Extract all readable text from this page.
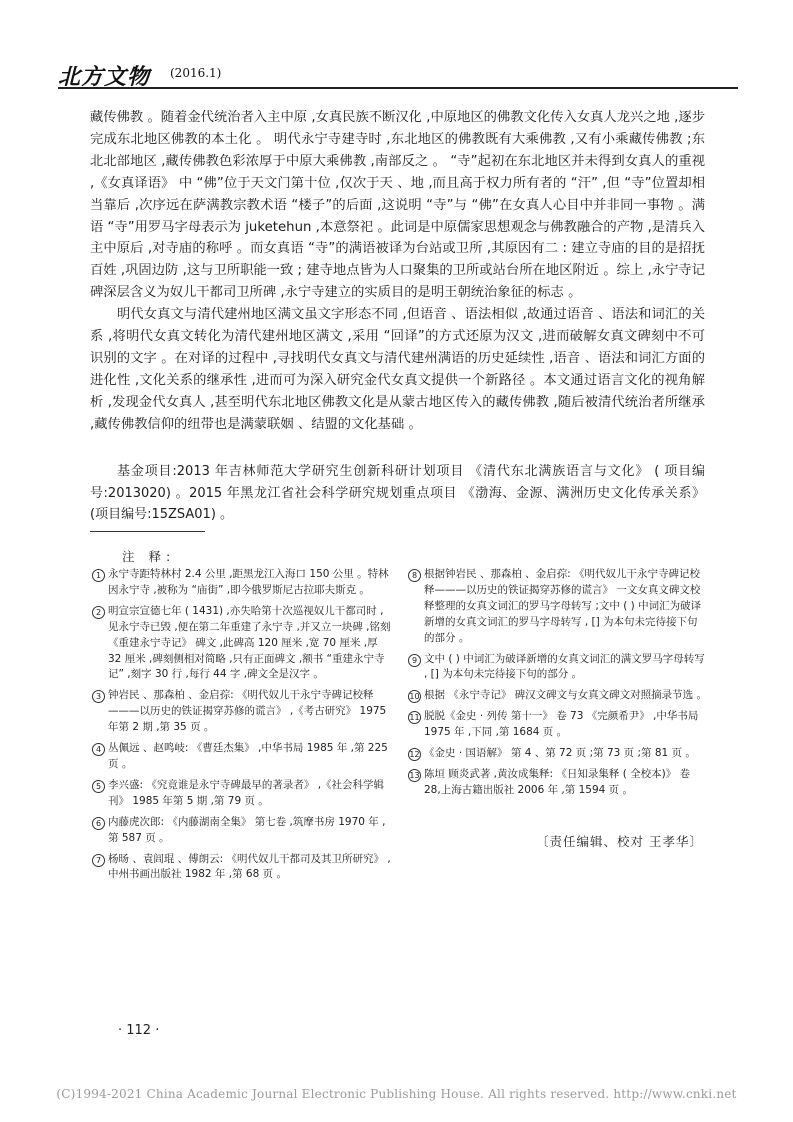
北方文物 (2016.1)

藏传佛教 。随着金代统治者入主中原 ,女真民族不断汉化 ,中原地区的佛教文化传入女真人龙兴之地 ,逐步完成东北地区佛教的本土化 。 明代永宁寺建寺时 ,东北地区的佛教既有大乘佛教 ,又有小乘藏传佛教 ;东北北部地区 ,藏传佛教色彩浓厚于中原大乘佛教 ,南部反之 。 “寺”起初在东北地区并未得到女真人的重视 ,《女真译语》 中 “佛”位于天文门第十位 ,仅次于天 、地 ,而且高于权力所有者的 “汗” ,但 “寺”位置却相当靠后 ,次序远在萨满教宗教术语 “楼子”的后面 ,这说明 “寺”与 “佛”在女真人心目中并非同一事物 。满语 “寺”用罗马字母表示为 juketehun ,本意祭祀 。此词是中原儒家思想观念与佛教融合的产物 ,是清兵入主中原后 ,对寺庙的称呼 。而女真语 “寺”的满语被译为台站或卫所 ,其原因有二 : 建立寺庙的目的是招抚百姓 ,巩固边防 ,这与卫所职能一致 ; 建寺地点皆为人口聚集的卫所或站台所在地区附近 。综上 ,永宁寺记碑深层含义为奴儿干都司卫所碑 ,永宁寺建立的实质目的是明王朝统治象征的标志 。

明代女真文与清代建州地区满文虽文字形态不同 ,但语音 、语法相似 ,故通过语音 、语法和词汇的关系 ,将明代女真文转化为清代建州地区满文 ,采用 “回译”的方式还原为汉文 ,进而破解女真文碑刻中不可识别的文字 。在对译的过程中 ,寻找明代女真文与清代建州满语的历史延续性 ,语音 、语法和词汇方面的进化性 ,文化关系的继承性 ,进而可为深入研究金代女真文提供一个新路径 。本文通过语言文化的视角解析 ,发现金代女真人 ,甚至明代东北地区佛教文化是从蒙古地区传入的藏传佛教 ,随后被清代统治者所继承 ,藏传佛教信仰的纽带也是满蒙联姻 、结盟的文化基础 。

基金项目:2013 年吉林师范大学研究生创新科研计划项目 《清代东北满族语言与文化》 ( 项目编号:2013020) 。2015 年黑龙江省社会科学研究规划重点项目 《渤海、金源、满洲历史文化传承关系》 (项目编号:15ZSA01) 。

注 释:
1 永宁寺距特林村 2.4 公里 ,距黑龙江入海口 150 公里 。特林因永宁寺 ,被称为 “庙街” ,即今俄罗斯尼古拉耶夫斯克 。
2 明宣宗宣德七年 ( 1431) ,亦失哈第十次巡视奴儿干都司时 ,见永宁寺已毁 ,便在第二年重建了永宁寺 ,并又立一块碑 ,铭刻 《重建永宁寺记》 碑文 ,此碑高 120 厘米 ,宽 70 厘米 ,厚 32 厘米 ,碑刻侧相对简略 ,只有正面碑文 ,额书 “重建永宁寺记” ,刻字 30 行 ,每行 44 字 ,碑文全是汉字 。
3 钟岩民 、那森柏 、金启孮: 《明代奴儿干永宁寺碑记校释———以历史的铁证揭穿苏修的谎言》 ,《考古研究》 1975 年第 2 期 ,第 35 页 。
4 丛佩远 、赵鸣岐: 《曹廷杰集》 ,中华书局 1985 年 ,第 225 页 。
5 李兴盛: 《究竟谁是永宁寺碑最早的著录者》 ,《社会科学辑刊》 1985 年第 5 期 ,第 79 页 。
6 内藤虎次郎: 《内藤湖南全集》 第七卷 ,筑摩书房 1970 年 ,第 587 页 。
7 杨旸 、袁闾琨 、傅朗云: 《明代奴儿干都司及其卫所研究》 ,中州书画出版社 1982 年 ,第 68 页 。
8 根据钟岩民 、那森柏 、金启孮: 《明代奴儿干永宁寺碑记校释———以历史的铁证揭穿苏修的谎言》 一文女真文碑文校释整理的女真文词汇的罗马字母转写 ;文中 ( ) 中词汇为破译新增的女真文词汇的罗马字母转写 , [] 为本句未完待接下句的部分 。
9 文中 ( ) 中词汇为破译新增的女真文词汇的满文罗马字母转写 , [] 为本句未完待接下句的部分 。
10 根据 《永宁寺记》 碑汉文碑文与女真文碑文对照摘录节选 。
11 脱脱《金史 · 列传 第十一》 卷 73 《完颜希尹》 ,中华书局 1975 年 ,下同 ,第 1684 页 。
12 《金史 · 国语解》 第 4 、第 72 页 ;第 73 页 ;第 81 页 。
13 陈垣 顾炎武著 ,黄汝成集释: 《日知录集释 ( 全校本)》 卷 28,上海古籍出版社 2006 年 ,第 1594 页 。
〔责任编辑、校对 王孝华〕
· 112 ·
(C)1994-2021 China Academic Journal Electronic Publishing House. All rights reserved. http://www.cnki.net
